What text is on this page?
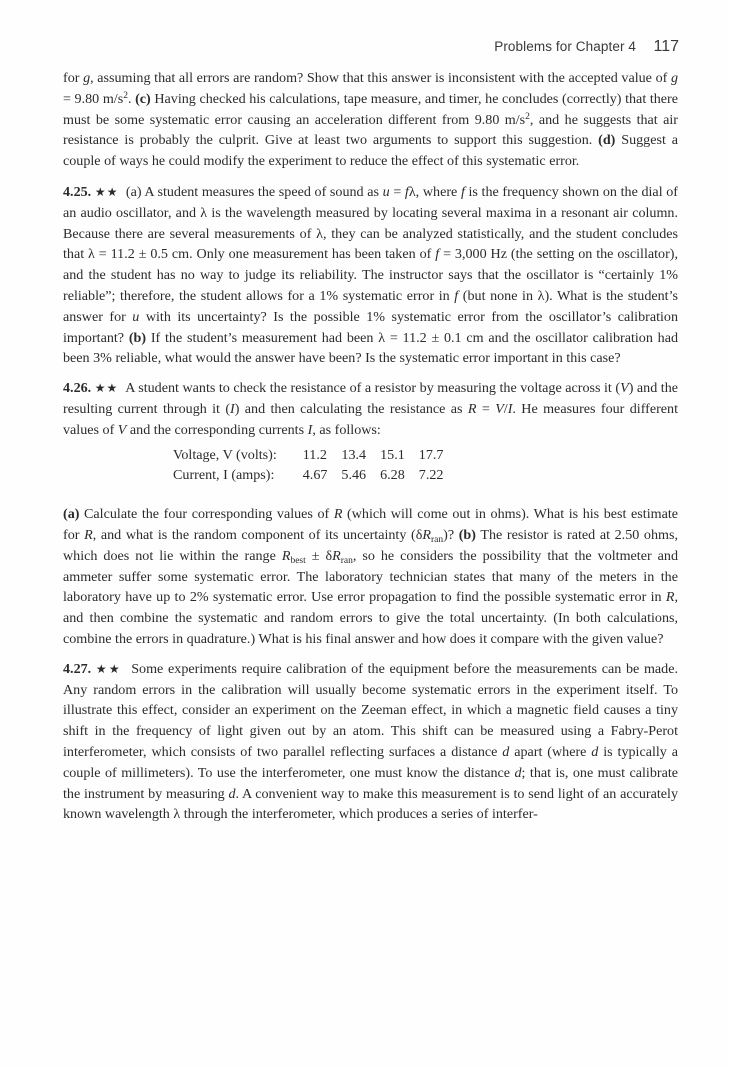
Problems for Chapter 4 117

for g, assuming that all errors are random? Show that this answer is inconsistent with the accepted value of g = 9.80 $m/s^2$. (c) Having checked his calculations, tape measure, and timer, he concludes (correctly) that there must be some systematic error causing an acceleration different from 9.80 $m/s^2$, and he suggests that air resistance is probably the culprit. Give at least two arguments to support this suggestion. (d) Suggest a couple of ways he could modify the experiment to reduce the effect of this systematic error.

4.25. ★★  (a) A student measures the speed of sound as u = fλ, where f is the frequency shown on the dial of an audio oscillator, and λ is the wavelength measured by locating several maxima in a resonant air column. Because there are several measurements of λ, they can be analyzed statistically, and the student concludes that λ = 11.2 ± 0.5 cm. Only one measurement has been taken of f = 3,000 Hz (the setting on the oscillator), and the student has no way to judge its reliability. The instructor says that the oscillator is “certainly 1% reliable”; therefore, the student allows for a 1% systematic error in f (but none in λ). What is the student’s answer for u with its uncertainty? Is the possible 1% systematic error from the oscillator’s calibration important? (b) If the student’s measurement had been λ = 11.2 ± 0.1 cm and the oscillator calibration had been 3% reliable, what would the answer have been? Is the systematic error important in this case?

4.26. ★★  A student wants to check the resistance of a resistor by measuring the voltage across it (V) and the resulting current through it (I) and then calculating the resistance as R = V/I. He measures four different values of V and the corresponding currents I, as follows:

Voltage, V (volts):	11.2	13.4	15.1	17.7
Current, I (amps):	4.67	5.46	6.28	7.22

(a) Calculate the four corresponding values of R (which will come out in ohms). What is his best estimate for R, and what is the random component of its uncertainty $(\delta R_{ran})$? (b) The resistor is rated at 2.50 ohms, which does not lie within the range $R_{best} \pm \delta R_{ran}$, so he considers the possibility that the voltmeter and ammeter suffer some systematic error. The laboratory technician states that many of the meters in the laboratory have up to 2% systematic error. Use error propagation to find the possible systematic error in R, and then combine the systematic and random errors to give the total uncertainty. (In both calculations, combine the errors in quadrature.) What is his final answer and how does it compare with the given value?

4.27. ★★  Some experiments require calibration of the equipment before the measurements can be made. Any random errors in the calibration will usually become systematic errors in the experiment itself. To illustrate this effect, consider an experiment on the Zeeman effect, in which a magnetic field causes a tiny shift in the frequency of light given out by an atom. This shift can be measured using a Fabry-Perot interferometer, which consists of two parallel reflecting surfaces a distance d apart (where d is typically a couple of millimeters). To use the interferometer, one must know the distance d; that is, one must calibrate the instrument by measuring d. A convenient way to make this measurement is to send light of an accurately known wavelength λ through the interferometer, which produces a series of interfer-
